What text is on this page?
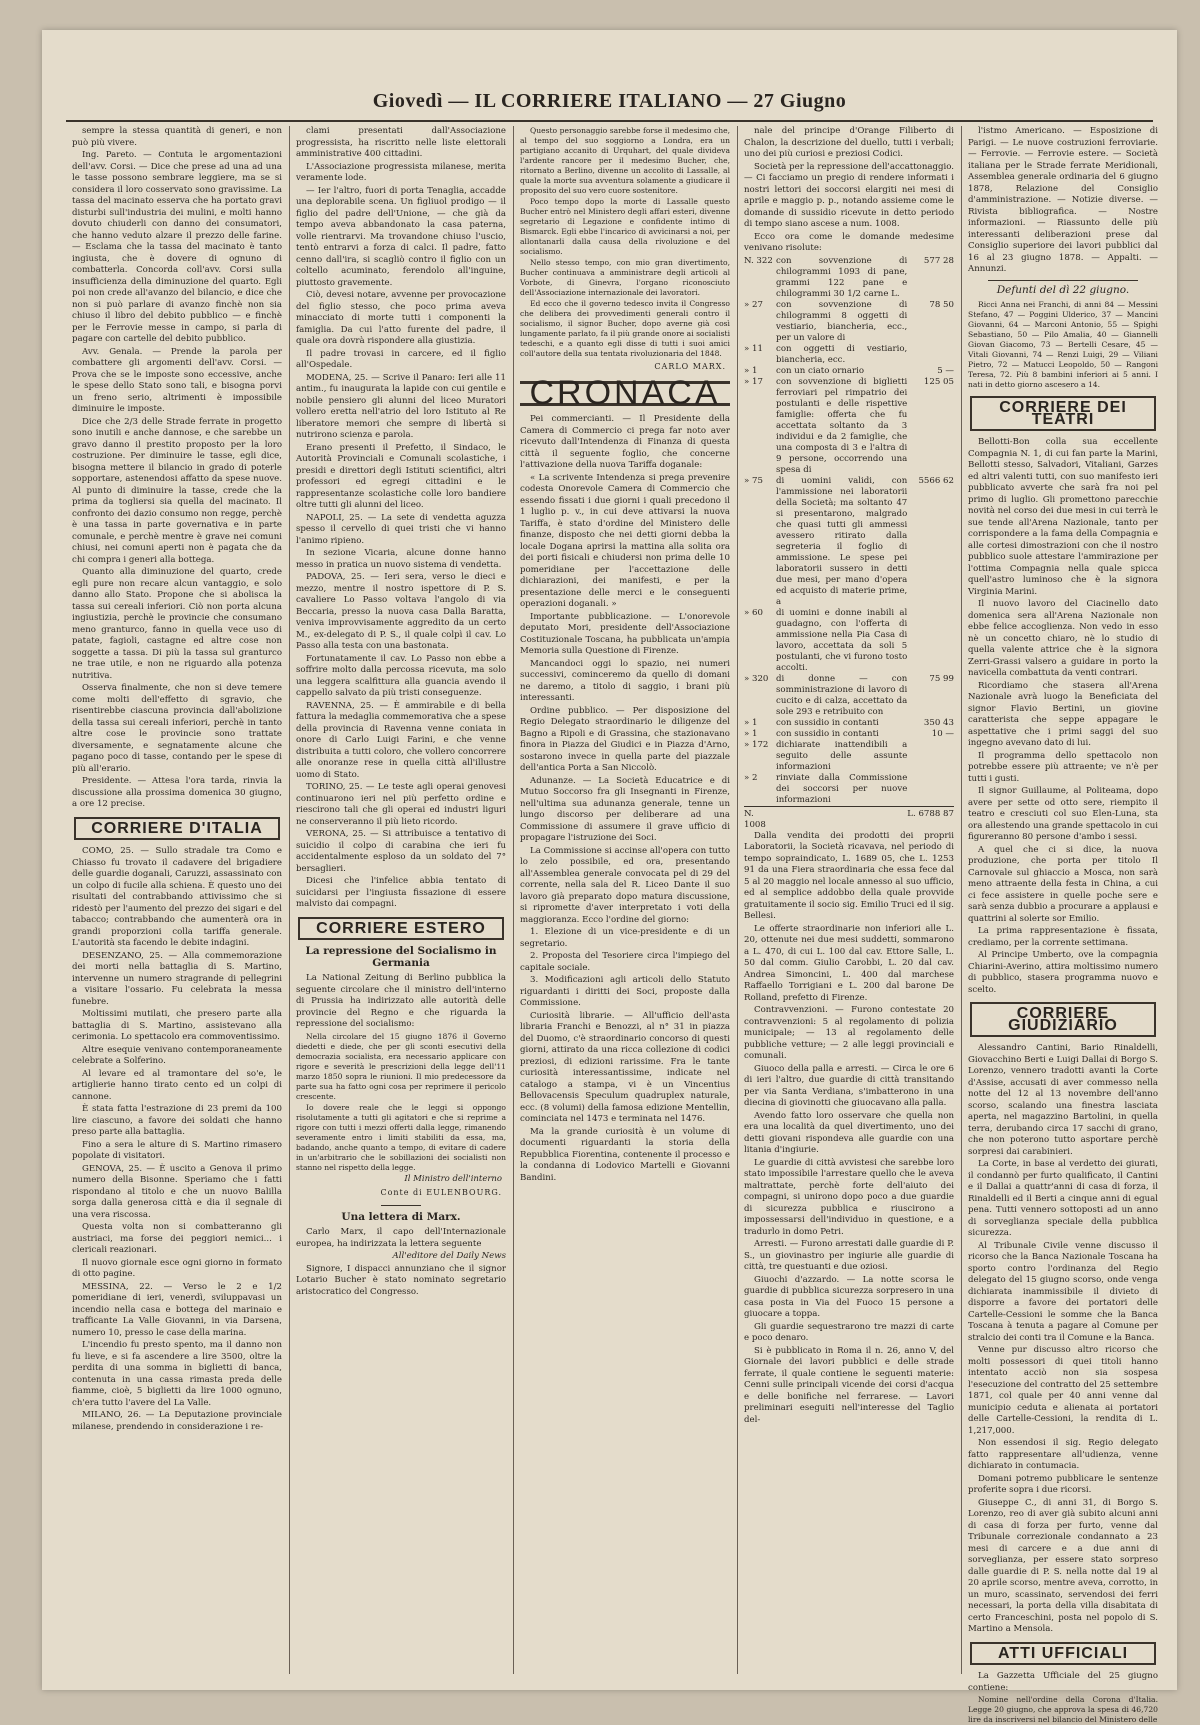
Giovedì — IL CORRIERE ITALIANO — 27 Giugno

sempre la stessa quantità di generi, e non può più vivere.

Ing. Pareto. — Contuta le argomentazioni dell'avv. Corsi. — Dice che prese ad una ad una le tasse possono sembrare leggiere, ma se si considera il loro cosservato sono gravissime. La tassa del macinato esserva che ha portato gravi disturbi sull'industria dei mulini, e molti hanno dovuto chiuderli con danno dei consumatori, che hanno veduto alzare il prezzo delle farine. — Esclama che la tassa del macinato è tanto ingiusta, che è dovere di ognuno di combatterla. Concorda coll'avv. Corsi sulla insufficienza della diminuzione del quarto. Egli poi non crede all'avanzo del bilancio, e dice che non si può parlare di avanzo finchè non sia chiuso il libro del debito pubblico — e finchè per le Ferrovie messe in campo, si parla di pagare con cartelle del debito pubblico.

Avv. Genala. — Prende la parola per combattere gli argomenti dell'avv. Corsi. — Prova che se le imposte sono eccessive, anche le spese dello Stato sono tali, e bisogna porvi un freno serio, altrimenti è impossibile diminuire le imposte.

Dice che 2/3 delle Strade ferrate in progetto sono inutili e anche dannose, e che sarebbe un gravo danno il prestito proposto per la loro costruzione. Per diminuire le tasse, egli dice, bisogna mettere il bilancio in grado di poterle sopportare, astenendosi affatto da spese nuove. Al punto di diminuire la tasse, crede che la prima da togliersi sia quella del macinato. Il confronto dei dazio consumo non regge, perchè è una tassa in parte governativa e in parte comunale, e perchè mentre è grave nei comuni chiusi, nei comuni aperti non è pagata che da chi compra i generi alla bottega.

Quanto alla diminuzione del quarto, crede egli pure non recare alcun vantaggio, e solo danno allo Stato. Propone che si abolisca la tassa sui cereali inferiori. Ciò non porta alcuna ingiustizia, perchè le provincie che consumano meno granturco, fanno in quella vece uso di patate, fagioli, castagne ed altre cose non soggette a tassa. Di più la tassa sul granturco ne trae utile, e non ne riguardo alla potenza nutritiva.

Osserva finalmente, che non si deve temere come molti dell'effetto di sgravio, che risentirebbe ciascuna provincia dall'abolizione della tassa sui cereali inferiori, perchè in tanto altre cose le provincie sono trattate diversamente, e segnatamente alcune che pagano poco di tasse, contando per le spese di più all'erario.

Presidente. — Attesa l'ora tarda, rinvia la discussione alla prossima domenica 30 giugno, a ore 12 precise.

CORRIERE D'ITALIA

COMO, 25. — Sullo stradale tra Como e Chiasso fu trovato il cadavere del brigadiere delle guardie doganali, Caruzzi, assassinato con un colpo di fucile alla schiena. È questo uno dei risultati del contrabbando attivissimo che si ridestò per l'aumento del prezzo dei sigari e del tabacco; contrabbando che aumenterà ora in grandi proporzioni colla tariffa generale. L'autorità sta facendo le debite indagini.

DESENZANO, 25. — Alla commemorazione dei morti nella battaglia di S. Martino, intervenne un numero stragrande di pellegrini a visitare l'ossario. Fu celebrata la messa funebre.

Moltissimi mutilati, che presero parte alla battaglia di S. Martino, assistevano alla cerimonia. Lo spettacolo era commoventissimo.

Altre esequie venivano contemporaneamente celebrate a Solferino.

Al levare ed al tramontare del so'e, le artiglierie hanno tirato cento ed un colpi di cannone.

È stata fatta l'estrazione di 23 premi da 100 lire ciascuno, a favore dei soldati che hanno preso parte alla battaglia.

Fino a sera le alture di S. Martino rimasero popolate di visitatori.

GENOVA, 25. — È uscito a Genova il primo numero della Bisonne. Speriamo che i fatti rispondano al titolo e che un nuovo Balilla sorga dalla generosa città e dia il segnale di una vera riscossa.

Questa volta non si combatteranno gli austriaci, ma forse dei peggiori nemici... i clericali reazionari.

Il nuovo giornale esce ogni giorno in formato di otto pagine.

MESSINA, 22. — Verso le 2 e 1/2 pomeridiane di ieri, venerdì, sviluppavasi un incendio nella casa e bottega del marinaio e trafficante La Valle Giovanni, in via Darsena, numero 10, presso le case della marina.

L'incendio fu presto spento, ma il danno non fu lieve, e si fa ascendere a lire 3500, oltre la perdita di una somma in biglietti di banca, contenuta in una cassa rimasta preda delle fiamme, cioè, 5 biglietti da lire 1000 ognuno, ch'era tutto l'avere del La Valle.

MILANO, 26. — La Deputazione provinciale milanese, prendendo in considerazione i re-

clami presentati dall'Associazione progressista, ha riscritto nelle liste elettorali amministrative 400 cittadini.

L'Associazione progressista milanese, merita veramente lode.

— Ier l'altro, fuori di porta Tenaglia, accadde una deplorabile scena. Un figliuol prodigo — il figlio del padre dell'Unione, — che già da tempo aveva abbandonato la casa paterna, volle rientrarvi. Ma trovandone chiuso l'uscio, tentò entrarvi a forza di calci. Il padre, fatto cenno dall'ira, si scagliò contro il figlio con un coltello acuminato, ferendolo all'inguine, piuttosto gravemente.

Ciò, devesi notare, avvenne per provocazione del figlio stesso, che poco prima aveva minacciato di morte tutti i componenti la famiglia. Da cui l'atto furente del padre, il quale ora dovrà rispondere alla giustizia.

Il padre trovasi in carcere, ed il figlio all'Ospedale.

MODENA, 25. — Scrive il Panaro: Ieri alle 11 antim., fu inaugurata la lapide con cui gentile e nobile pensiero gli alunni del liceo Muratori vollero eretta nell'atrio del loro Istituto al Re liberatore memori che sempre di libertà si nutrirono scienza e parola.

Erano presenti il Prefetto, il Sindaco, le Autorità Provinciali e Comunali scolastiche, i presidi e direttori degli Istituti scientifici, altri professori ed egregi cittadini e le rappresentanze scolastiche colle loro bandiere oltre tutti gli alunni del liceo.

NAPOLI, 25. — La sete di vendetta aguzza spesso il cervello di quei tristi che vi hanno l'animo ripieno.

In sezione Vicaria, alcune donne hanno messo in pratica un nuovo sistema di vendetta.

PADOVA, 25. — Ieri sera, verso le dieci e mezzo, mentre il nostro ispettore di P. S. cavaliere Lo Passo voltava l'angolo di via Beccaria, presso la nuova casa Dalla Baratta, veniva improvvisamente aggredito da un certo M., ex-delegato di P. S., il quale colpì il cav. Lo Passo alla testa con una bastonata.

Fortunatamente il cav. Lo Passo non ebbe a soffrire molto dalla percossa ricevuta, ma solo una leggera scalfittura alla guancia avendo il cappello salvato da più tristi conseguenze.

RAVENNA, 25. — È ammirabile e di bella fattura la medaglia commemorativa che a spese della provincia di Ravenna venne coniata in onore di Carlo Luigi Farini, e che venne distribuita a tutti coloro, che vollero concorrere alle onoranze rese in quella città all'illustre uomo di Stato.

TORINO, 25. — Le teste agli operai genovesi continuarono ieri nel più perfetto ordine e riescirono tali che gli operai ed industri liguri ne conserveranno il più lieto ricordo.

VERONA, 25. — Si attribuisce a tentativo di suicidio il colpo di carabina che ieri fu accidentalmente esploso da un soldato del 7° bersaglieri.

Dicesi che l'infelice abbia tentato di suicidarsi per l'ingiusta fissazione di essere malvisto dai compagni.

CORRIERE ESTERO
La repressione del Socialismo in Germania

La National Zeitung di Berlino pubblica la seguente circolare che il ministro dell'interno di Prussia ha indirizzato alle autorità delle provincie del Regno e che riguarda la repressione del socialismo:

Nella circolare del 15 giugno 1876 il Governo diedetti e diede, che per gli sconti esecutivi della democrazia socialista, era necessario applicare con rigore e severità le prescrizioni della legge dell'11 marzo 1850 sopra le riunioni. Il mio predecessore da parte sua ha fatto ogni cosa per reprimere il pericolo crescente.

Io dovere reale che le leggi si oppongo risolutamente a tutti gli agitatori e che si reprime a rigore con tutti i mezzi offerti dalla legge, rimanendo severamente entro i limiti stabiliti da essa, ma, badando, anche quanto a tempo, di evitare di cadere in un'arbitrario che le sobillazioni dei socialisti non stanno nel rispetto della legge.

Il Ministro dell'interno
Conte di EULENBOURG.
Una lettera di Marx.

Carlo Marx, il capo dell'Internazionale europea, ha indirizzata la lettera seguente

All'editore del Daily News

Signore, I dispacci annunziano che il signor Lotario Bucher è stato nominato segretario aristocratico del Congresso.

Questo personaggio sarebbe forse il medesimo che, al tempo del suo soggiorno a Londra, era un partigiano accanito di Urquhart, del quale divideva l'ardente rancore per il medesimo Bucher, che, ritornato a Berlino, divenne un accolito di Lassalle, al quale la morte sua avventura solamente a giudicare il proposito del suo vero cuore sostenitore.

Poco tempo dopo la morte di Lassalle questo Bucher entrò nel Ministero degli affari esteri, divenne segretario di Legazione e confidente intimo di Bismarck. Egli ebbe l'incarico di avvicinarsi a noi, per allontanarli dalla causa della rivoluzione e del socialismo.

Nello stesso tempo, con mio gran divertimento, Bucher continuava a amministrare degli articoli al Vorbote, di Ginevra, l'organo riconosciuto dell'Associazione internazionale dei lavoratori.

Ed ecco che il governo tedesco invita il Congresso che delibera dei provvedimenti generali contro il socialismo, il signor Bucher, dopo averne già così lungamente parlato, fa il più grande onore ai socialisti tedeschi, e a quanto egli disse di tutti i suoi amici coll'autore della sua tentata rivoluzionaria del 1848.

CARLO MARX.
CRONACA

Pei commercianti. — Il Presidente della Camera di Commercio ci prega far noto aver ricevuto dall'Intendenza di Finanza di questa città il seguente foglio, che concerne l'attivazione della nuova Tariffa doganale:

« La scrivente Intendenza si prega prevenire codesta Onorevole Camera di Commercio che essendo fissati i due giorni i quali precedono il 1 luglio p. v., in cui deve attivarsi la nuova Tariffa, è stato d'ordine del Ministero delle finanze, disposto che nei detti giorni debba la locale Dogana aprirsi la mattina alla solita ora dei porti fisicali e chiudersi non prima delle 10 pomeridiane per l'accettazione delle dichiarazioni, dei manifesti, e per la presentazione delle merci e le conseguenti operazioni doganali. »

Importante pubblicazione. — L'onorevole deputato Mori, presidente dell'Associazione Costituzionale Toscana, ha pubblicata un'ampia Memoria sulla Questione di Firenze.

Mancandoci oggi lo spazio, nei numeri successivi, cominceremo da quello di domani ne daremo, a titolo di saggio, i brani più interessanti.

Ordine pubblico. — Per disposizione del Regio Delegato straordinario le diligenze del Bagno a Ripoli e di Grassina, che stazionavano finora in Piazza del Giudici e in Piazza d'Arno, sostarono invece in quella parte del piazzale dell'antica Porta a San Niccolò.

Adunanze. — La Società Educatrice e di Mutuo Soccorso fra gli Insegnanti in Firenze, nell'ultima sua adunanza generale, tenne un lungo discorso per deliberare ad una Commissione di assumere il grave ufficio di propagare l'istruzione dei Soci.

La Commissione si accinse all'opera con tutto lo zelo possibile, ed ora, presentando all'Assemblea generale convocata pel di 29 del corrente, nella sala del R. Liceo Dante il suo lavoro già preparato dopo matura discussione, si ripromette d'aver interpretato i voti della maggioranza. Ecco l'ordine del giorno:

1. Elezione di un vice-presidente e di un segretario.

2. Proposta del Tesoriere circa l'impiego del capitale sociale.

3. Modificazioni agli articoli dello Statuto riguardanti i diritti dei Soci, proposte dalla Commissione.

Curiosità librarie. — All'ufficio dell'asta libraria Franchi e Benozzi, al n° 31 in piazza del Duomo, c'è straordinario concorso di questi giorni, attirato da una ricca collezione di codici preziosi, di edizioni rarissime. Fra le tante curiosità interessantissime, indicate nel catalogo a stampa, vi è un Vincentius Bellovacensis Speculum quadruplex naturale, ecc. (8 volumi) della famosa edizione Mentellin, cominciata nel 1473 e terminata nel 1476.

Ma la grande curiosità è un volume di documenti riguardanti la storia della Repubblica Fiorentina, contenente il processo e la condanna di Lodovico Martelli e Giovanni Bandini.

nale del principe d'Orange Filiberto di Chalon, la descrizione del duello, tutti i verbali; uno dei più curiosi e preziosi Codici.

Società per la repressione dell'accattonaggio. — Ci facciamo un pregio di rendere informati i nostri lettori dei soccorsi elargiti nei mesi di aprile e maggio p. p., notando assieme come le domande di sussidio ricevute in detto periodo di tempo siano ascese a num. 1008.

Ecco ora come le domande medesime venivano risolute:

N. 322	con sovvenzione di chilogrammi 1093 di pane, grammi 122 pane e chilogrammi 30 1/2 carne L.	577 28
» 27	con sovvenzione di chilogrammi 8 oggetti di vestiario, biancheria, ecc., per un valore di	78 50
» 11	con oggetti di vestiario, biancheria, ecc.	
» 1	con un ciato ornario	5 —
» 17	con sovvenzione di biglietti ferroviari pel rimpatrio dei postulanti e delle rispettive famiglie: offerta che fu accettata soltanto da 3 individui e da 2 famiglie, che una composta di 3 e l'altra di 9 persone, occorrendo una spesa di	125 05
» 75	di uomini validi, con l'ammissione nei laboratorii della Società; ma soltanto 47 si presentarono, malgrado che quasi tutti gli ammessi avessero ritirato dalla segreteria il foglio di ammissione. Le spese pei laboratorii sussero in detti due mesi, per mano d'opera ed acquisto di materie prime, a	5566 62
» 60	di uomini e donne inabili al guadagno, con l'offerta di ammissione nella Pia Casa di lavoro, accettata da soli 5 postulanti, che vi furono tosto accolti.	
» 320	di donne — con somministrazione di lavoro di cucito e di calza, accettato da sole 293 e retribuito con	75 99
» 1	con sussidio in contanti	350 43
» 1	con sussidio in contanti	10 —
» 172	dichiarate inattendibili a seguito delle assunte informazioni	
» 2	rinviate dalla Commissione dei soccorsi per nuove informazioni	
N. 1008		L. 6788 87

Dalla vendita dei prodotti dei proprii Laboratorii, la Società ricavava, nel periodo di tempo sopraindicato, L. 1689 05, che L. 1253 91 da una Fiera straordinaria che essa fece dal 5 al 20 maggio nel locale annesso al suo ufficio, ed al semplice addobbo della quale provvide gratuitamente il socio sig. Emilio Truci ed il sig. Bellesi.

Le offerte straordinarie non inferiori alle L. 20, ottenute nei due mesi suddetti, sommarono a L. 470, di cui L. 100 dal cav. Ettore Salle, L. 50 dal comm. Giulio Carobbi, L. 20 dal cav. Andrea Simoncini, L. 400 dal marchese Raffaello Torrigiani e L. 200 dal barone De Rolland, prefetto di Firenze.

Contravvenzioni. — Furono contestate 20 contravvenzioni: 5 al regolamento di polizia municipale; — 13 al regolamento delle pubbliche vetture; — 2 alle leggi provinciali e comunali.

Giuoco della palla e arresti. — Circa le ore 6 di ieri l'altro, due guardie di città transitando per via Santa Verdiana, s'imbatterono in una diecina di giovinotti che giuocavano alla palla.

Avendo fatto loro osservare che quella non era una località da quel divertimento, uno dei detti giovani rispondeva alle guardie con una litania d'ingiurie.

Le guardie di città avvistesi che sarebbe loro stato impossibile l'arrestare quello che le aveva maltrattate, perchè forte dell'aiuto dei compagni, si unirono dopo poco a due guardie di sicurezza pubblica e riuscirono a impossessarsi dell'individuo in questione, e a tradurlo in domo Petri.

Arresti. — Furono arrestati dalle guardie di P. S., un giovinastro per ingiurie alle guardie di città, tre questuanti e due oziosi.

Giuochi d'azzardo. — La notte scorsa le guardie di pubblica sicurezza sorpresero in una casa posta in Via del Fuoco 15 persone a giuocare a toppa.

Gli guardie sequestrarono tre mazzi di carte e poco denaro.

Si è pubblicato in Roma il n. 26, anno V, del Giornale dei lavori pubblici e delle strade ferrate, il quale contiene le seguenti materie: Cenni sulle principali vicende dei corsi d'acqua e delle bonifiche nel ferrarese. — Lavori preliminari eseguiti nell'interesse del Taglio del-

l'istmo Americano. — Esposizione di Parigi. — Le nuove costruzioni ferroviarie. — Ferrovie. — Ferrovie estere. — Società italiana per le Strade ferrate Meridionali, Assemblea generale ordinaria del 6 giugno 1878, Relazione del Consiglio d'amministrazione. — Notizie diverse. — Rivista bibliografica. — Nostre informazioni. — Riassunto delle più interessanti deliberazioni prese dal Consiglio superiore dei lavori pubblici dal 16 al 23 giugno 1878. — Appalti. — Annunzi.

Defunti del dì 22 giugno.

Ricci Anna nei Franchi, di anni 84 — Messini Stefano, 47 — Poggini Ulderico, 37 — Mancini Giovanni, 64 — Marconi Antonio, 55 — Spighi Sebastiano, 50 — Pilo Amalia, 40 — Giannelli Giovan Giacomo, 73 — Bertelli Cesare, 45 — Vitali Giovanni, 74 — Renzi Luigi, 29 — Viliani Pietro, 72 — Matucci Leopoldo, 50 — Rangoni Teresa, 72. Più 8 bambini inferiori ai 5 anni. I nati in detto giorno ascesero a 14.

CORRIERE DEI TEATRI

Bellotti-Bon colla sua eccellente Compagnia N. 1, di cui fan parte la Marini, Bellotti stesso, Salvadori, Vitaliani, Garzes ed altri valenti tutti, con suo manifesto ieri pubblicato avverte che sarà fra noi pel primo di luglio. Gli promettono parecchie novità nel corso dei due mesi in cui terrà le sue tende all'Arena Nazionale, tanto per corrispondere a la fama della Compagnia e alle cortesi dimostrazioni con che il nostro pubblico suole attestare l'ammirazione per l'ottima Compagnia nella quale spicca quell'astro luminoso che è la signora Virginia Marini.

Il nuovo lavoro del Ciacinello dato domenica sera all'Arena Nazionale non ebbe felice accoglienza. Non vedo in esso nè un concetto chiaro, nè lo studio di quella valente attrice che è la signora Zerri-Grassi valsero a guidare in porto la navicella combattuta da venti contrari.

Ricordiamo che stasera all'Arena Nazionale avrà luogo la Beneficiata del signor Flavio Bertini, un giovine caratterista che seppe appagare le aspettative che i primi saggi del suo ingegno avevano dato di lui.

Il programma dello spettacolo non potrebbe essere più attraente; ve n'è per tutti i gusti.

Il signor Guillaume, al Politeama, dopo avere per sette od otto sere, riempito il teatro e cresciuti col suo Elen-Luna, sta ora allestendo una grande spettacolo in cui figureranno 80 persone d'ambo i sessi.

A quel che ci si dice, la nuova produzione, che porta per titolo Il Carnovale sul ghiaccio a Mosca, non sarà meno attraente della festa in China, a cui ci fece assistere in quelle poche sere e sarà senza dubbio a procurare a applausi e quattrini al solerte sor Emilio.

La prima rappresentazione è fissata, crediamo, per la corrente settimana.

Al Principe Umberto, ove la compagnia Chiarini-Averino, attira moltissimo numero di pubblico, stasera programma nuovo e scelto.

CORRIERE GIUDIZIARIO

Alessandro Cantini, Bario Rinaldelli, Giovacchino Berti e Luigi Dallai di Borgo S. Lorenzo, vennero tradotti avanti la Corte d'Assise, accusati di aver commesso nella notte del 12 al 13 novembre dell'anno scorso, scalando una finestra lasciata aperta, nel magazzino Bartolini, in quella terra, derubando circa 17 sacchi di grano, che non poterono tutto asportare perchè sorpresi dai carabinieri.

La Corte, in base al verdetto dei giurati, il condannò per furto qualificato, il Cantini e il Dallai a quattr'anni di casa di forza, il Rinaldelli ed il Berti a cinque anni di egual pena. Tutti vennero sottoposti ad un anno di sorveglianza speciale della pubblica sicurezza.

Al Tribunale Civile venne discusso il ricorso che la Banca Nazionale Toscana ha sporto contro l'ordinanza del Regio delegato del 15 giugno scorso, onde venga dichiarata inammissibile il divieto di disporre a favore dei portatori delle Cartelle-Cessioni le somme che la Banca Toscana à tenuta a pagare al Comune per stralcio dei conti tra il Comune e la Banca.

Venne pur discusso altro ricorso che molti possessori di quei titoli hanno intentato acciò non sia sospesa l'esecuzione del contratto del 25 settembre 1871, col quale per 40 anni venne dal municipio ceduta e alienata ai portatori delle Cartelle-Cessioni, la rendita di L. 1,217,000.

Non essendosi il sig. Regio delegato fatto rappresentare all'udienza, venne dichiarato in contumacia.

Domani potremo pubblicare le sentenze proferite sopra i due ricorsi.

Giuseppe C., di anni 31, di Borgo S. Lorenzo, reo di aver già subito alcuni anni di casa di forza per furto, venne dal Tribunale correzionale condannato a 23 mesi di carcere e a due anni di sorveglianza, per essere stato sorpreso dalle guardie di P. S. nella notte dal 19 al 20 aprile scorso, mentre aveva, corrotto, in un muro, scassinato, servendosi dei ferri necessari, la porta della villa disabitata di certo Franceschini, posta nel popolo di S. Martino a Mensola.

ATTI UFFICIALI

La Gazzetta Ufficiale del 25 giugno contiene:

Nomine nell'ordine della Corona d'Italia. Legge 20 giugno, che approva la spesa di 46,720 lire da inscriversi nel bilancio del Ministero delle
